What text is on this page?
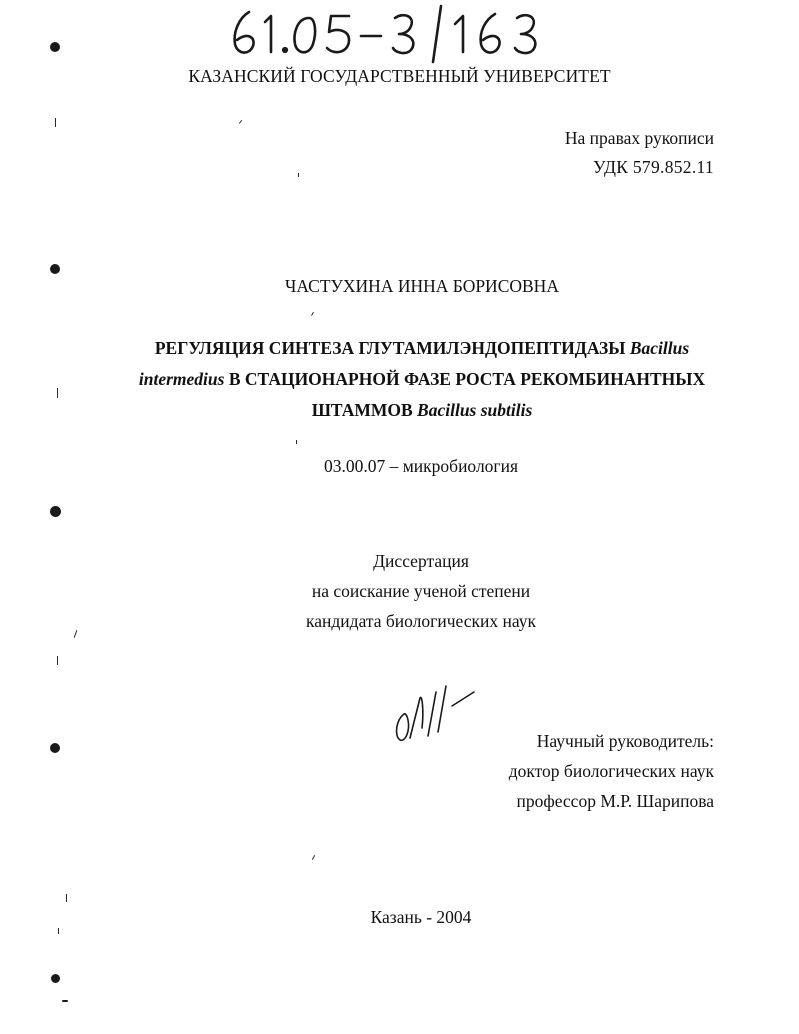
КАЗАНСКИЙ ГОСУДАРСТВЕННЫЙ УНИВЕРСИТЕТ
На правах рукописи
УДК 579.852.11
ЧАСТУХИНА ИННА БОРИСОВНА
РЕГУЛЯЦИЯ СИНТЕЗА ГЛУТАМИЛЭНДОПЕПТИДАЗЫ Bacillus intermedius В СТАЦИОНАРНОЙ ФАЗЕ РОСТА РЕКОМБИНАНТНЫХ ШТАММОВ Bacillus subtilis
03.00.07 – микробиология
Диссертация
на соискание ученой степени
кандидата биологических наук
Научный руководитель:
доктор биологических наук
профессор М.Р. Шарипова
Казань - 2004
